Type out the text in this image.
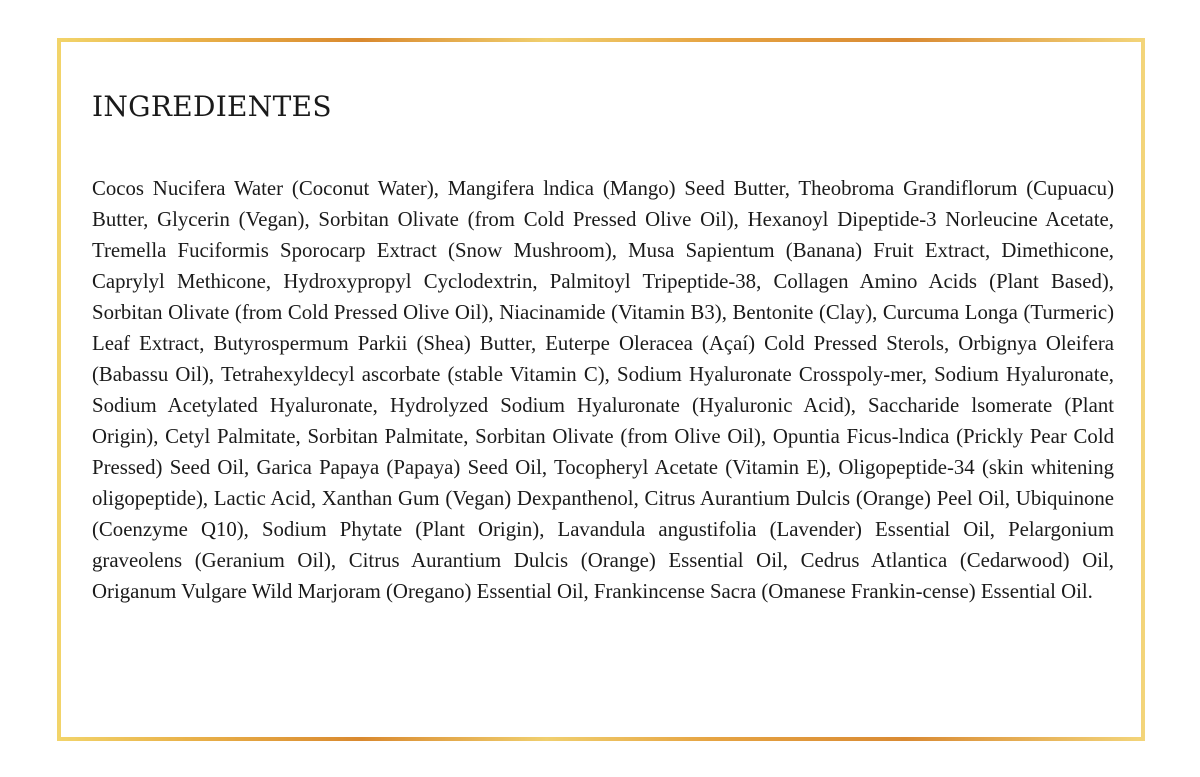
INGREDIENTES

Cocos Nucifera Water (Coconut Water), Mangifera lndica (Mango) Seed Butter, Theobroma Grandiflorum (Cupuacu) Butter, Glycerin (Vegan), Sorbitan Olivate (from Cold Pressed Olive Oil), Hexanoyl Dipeptide-3 Norleucine Acetate, Tremella Fuciformis Sporocarp Extract (Snow Mushroom), Musa Sapientum (Banana) Fruit Extract, Dimethicone, Caprylyl Methicone, Hydroxypropyl Cyclodextrin, Palmitoyl Tripeptide-38, Collagen Amino Acids (Plant Based), Sorbitan Olivate (from Cold Pressed Olive Oil), Niacinamide (Vitamin B3), Bentonite (Clay), Curcuma Longa (Turmeric) Leaf Extract, Butyrospermum Parkii (Shea) Butter, Euterpe Oleracea (Açaí) Cold Pressed Sterols, Orbignya Oleifera (Babassu Oil), Tetrahexyldecyl ascorbate (stable Vitamin C), Sodium Hyaluronate Crosspoly-mer, Sodium Hyaluronate, Sodium Acetylated Hyaluronate, Hydrolyzed Sodium Hyaluronate (Hyaluronic Acid), Saccharide lsomerate (Plant Origin), Cetyl Palmitate, Sorbitan Palmitate, Sorbitan Olivate (from Olive Oil), Opuntia Ficus-lndica (Prickly Pear Cold Pressed) Seed Oil, Garica Papaya (Papaya) Seed Oil, Tocopheryl Acetate (Vitamin E), Oligopeptide-34 (skin whitening oligopeptide), Lactic Acid, Xanthan Gum (Vegan) Dexpanthenol, Citrus Aurantium Dulcis (Orange) Peel Oil, Ubiquinone (Coenzyme Q10), Sodium Phytate (Plant Origin), Lavandula angustifolia (Lavender) Essential Oil, Pelargonium graveolens (Geranium Oil), Citrus Aurantium Dulcis (Orange) Essential Oil, Cedrus Atlantica (Cedarwood) Oil, Origanum Vulgare Wild Marjoram (Oregano) Essential Oil, Frankincense Sacra (Omanese Frankin-cense) Essential Oil.
